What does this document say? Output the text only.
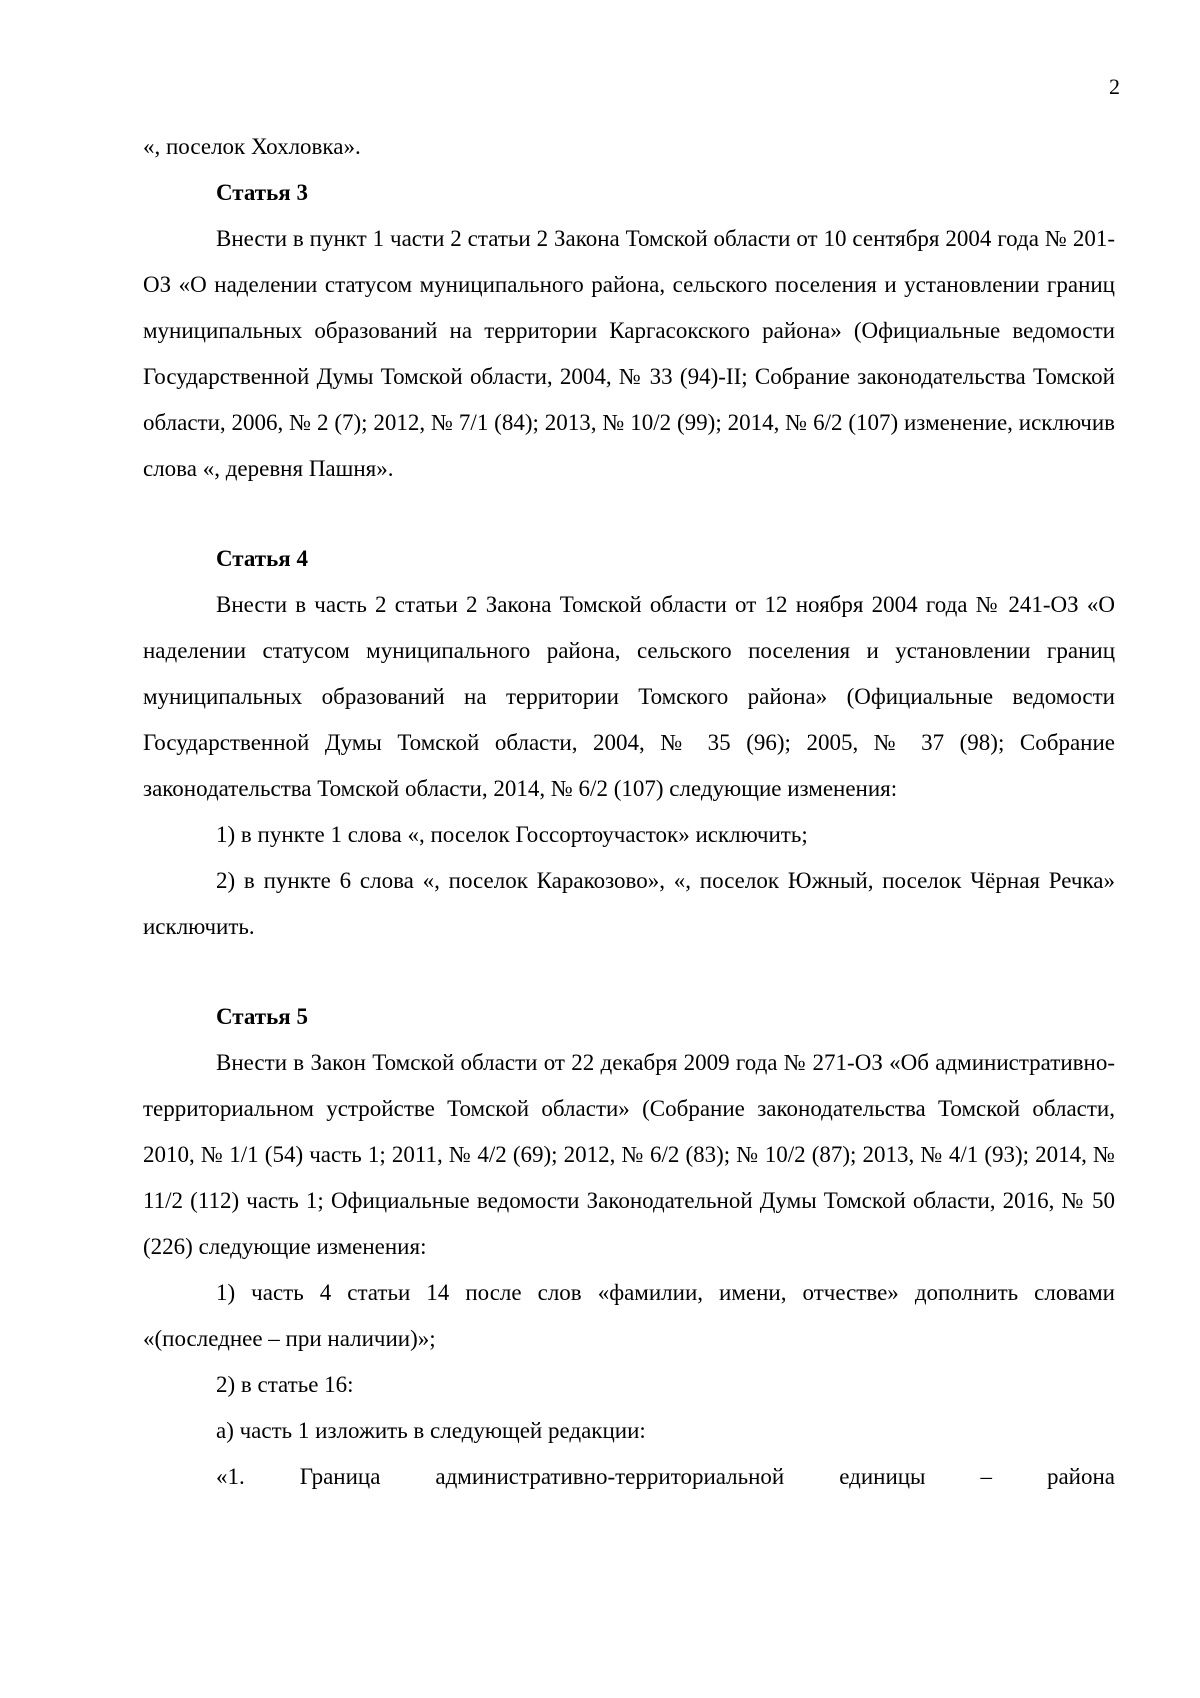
2

«, поселок Хохловка».

Статья 3

Внести в пункт 1 части 2 статьи 2 Закона Томской области от 10 сентября 2004 года № 201-ОЗ «О наделении статусом муниципального района, сельского поселения и установлении границ муниципальных образований на территории Каргасокского района» (Официальные ведомости Государственной Думы Томской области, 2004, № 33 (94)-II; Собрание законодательства Томской области, 2006, № 2 (7); 2012, № 7/1 (84); 2013, № 10/2 (99); 2014, № 6/2 (107) изменение, исключив слова «, деревня Пашня».

Статья 4

Внести в часть 2 статьи 2 Закона Томской области от 12 ноября 2004 года № 241-ОЗ «О наделении статусом муниципального района, сельского поселения и установлении границ муниципальных образований на территории Томского района» (Официальные ведомости Государственной Думы Томской области, 2004, № 35 (96); 2005, № 37 (98); Собрание законодательства Томской области, 2014, № 6/2 (107) следующие изменения:

1) в пункте 1 слова «, поселок Госсортоучасток» исключить;

2) в пункте 6 слова «, поселок Каракозово», «, поселок Южный, поселок Чёрная Речка» исключить.

Статья 5

Внести в Закон Томской области от 22 декабря 2009 года № 271-ОЗ «Об административно-территориальном устройстве Томской области» (Собрание законодательства Томской области, 2010, № 1/1 (54) часть 1; 2011, № 4/2 (69); 2012, № 6/2 (83); № 10/2 (87); 2013, № 4/1 (93); 2014, № 11/2 (112) часть 1; Официальные ведомости Законодательной Думы Томской области, 2016, № 50 (226) следующие изменения:

1) часть 4 статьи 14 после слов «фамилии, имени, отчестве» дополнить словами «(последнее – при наличии)»;

2) в статье 16:

а) часть 1 изложить в следующей редакции:

«1. Граница административно-территориальной единицы – района
